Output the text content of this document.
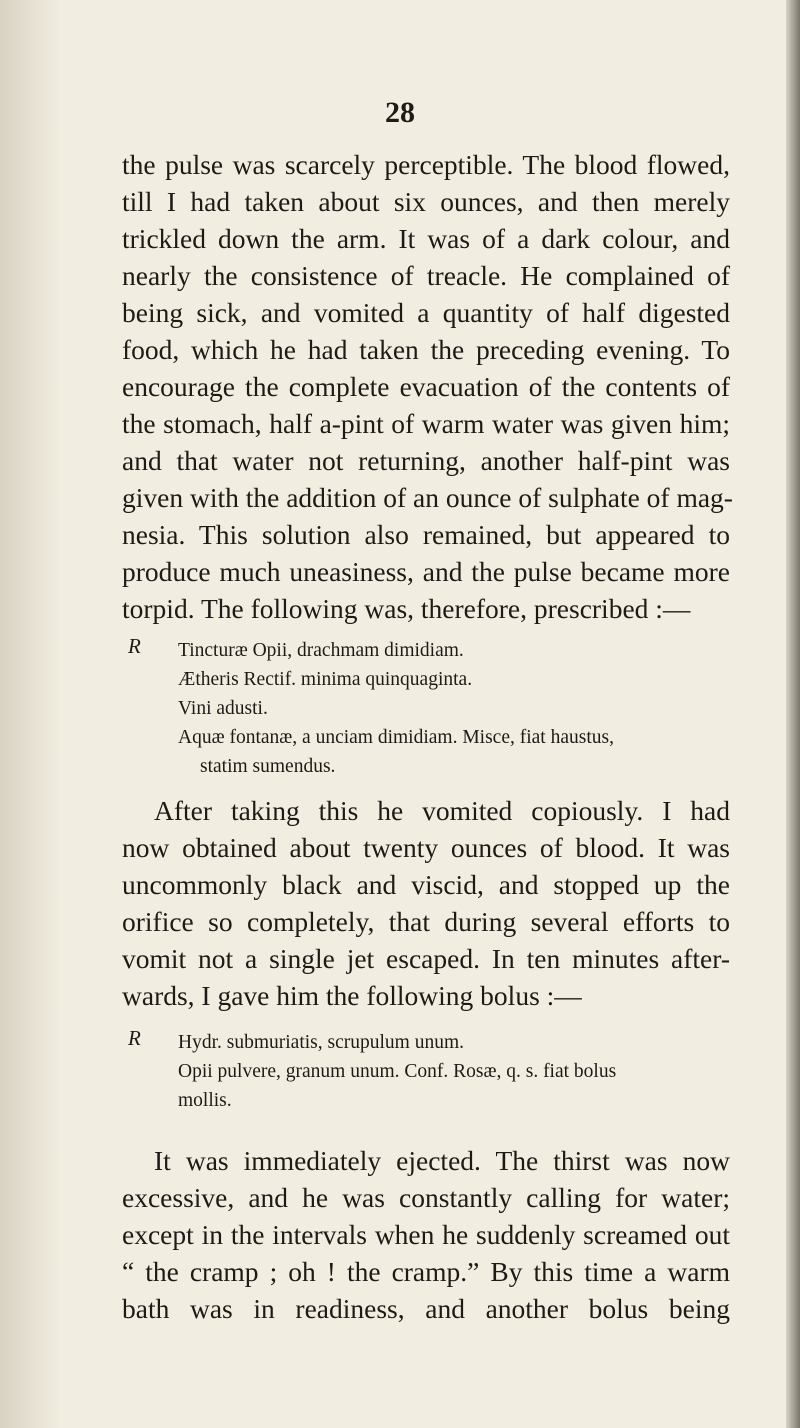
28
the pulse was scarcely perceptible. The blood flowed,
till I had taken about six ounces, and then merely
trickled down the arm. It was of a dark colour, and
nearly the consistence of treacle. He complained of
being sick, and vomited a quantity of half digested
food, which he had taken the preceding evening. To
encourage the complete evacuation of the contents of
the stomach, half a-pint of warm water was given him;
and that water not returning, another half-pint was
given with the addition of an ounce of sulphate of mag-
nesia. This solution also remained, but appeared to
produce much uneasiness, and the pulse became more
torpid. The following was, therefore, prescribed :—
R Tincturæ Opii, drachmam dimidiam.
Ætheris Rectif. minima quinquaginta.
Vini adusti.
Aquæ fontanæ, a unciam dimidiam. Misce, fiat haustus,
statim sumendus.
After taking this he vomited copiously. I had
now obtained about twenty ounces of blood. It was
uncommonly black and viscid, and stopped up the
orifice so completely, that during several efforts to
vomit not a single jet escaped. In ten minutes after-
wards, I gave him the following bolus :—
R Hydr. submuriatis, scrupulum unum.
Opii pulvere, granum unum. Conf. Rosæ, q. s. fiat bolus
mollis.
It was immediately ejected. The thirst was now
excessive, and he was constantly calling for water;
except in the intervals when he suddenly screamed out
“ the cramp ; oh ! the cramp.” By this time a warm
bath was in readiness, and another bolus being
